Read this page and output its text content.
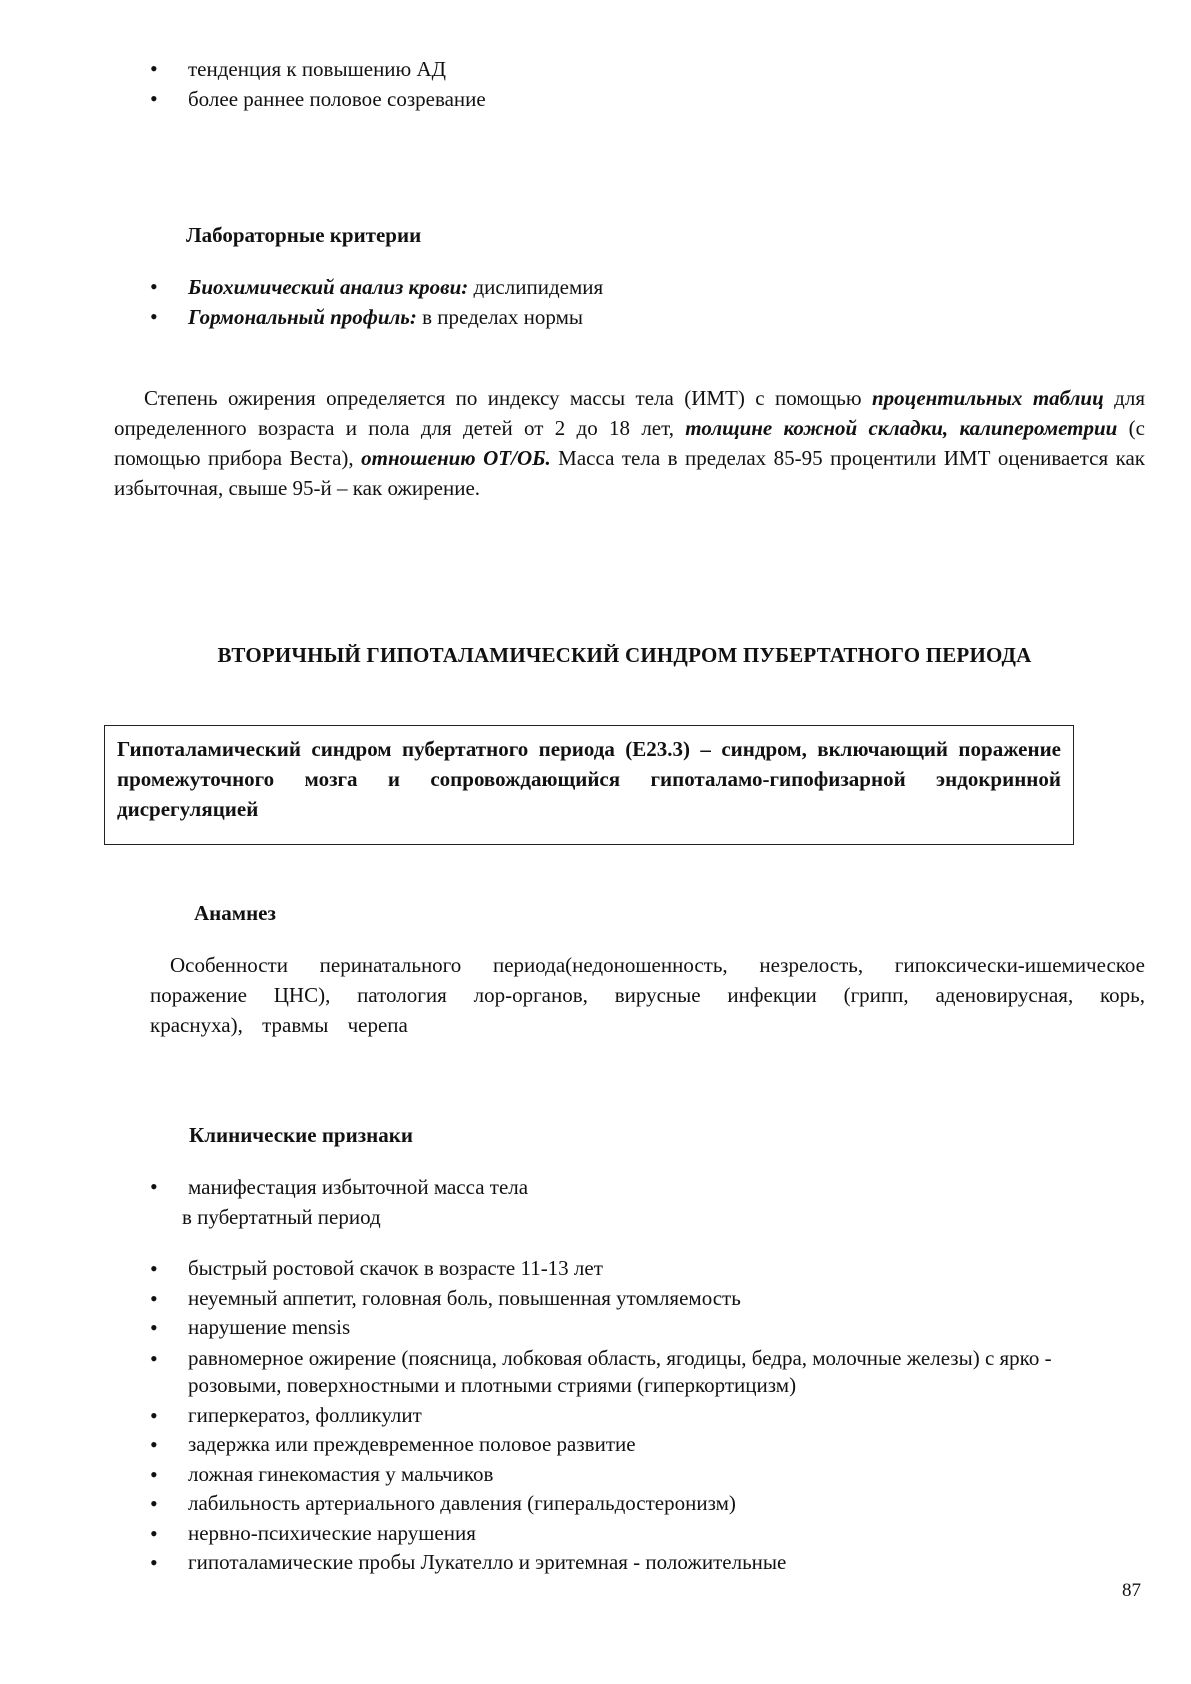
• тенденция к повышению АД
• более раннее половое созревание
Лабораторные критерии
• Биохимический анализ крови: дислипидемия
• Гормональный профиль: в пределах нормы
Степень ожирения определяется по индексу массы тела (ИМТ) с помощью процентильных таблиц для определенного возраста и пола для детей от 2 до 18 лет, толщине кожной складки, калиперометрии (с помощью прибора Веста), отношению ОТ/ОБ. Масса тела в пределах 85-95 процентили ИМТ оценивается как избыточная, свыше 95-й – как ожирение.
ВТОРИЧНЫЙ ГИПОТАЛАМИЧЕСКИЙ СИНДРОМ ПУБЕРТАТНОГО ПЕРИОДА
Гипоталамический синдром пубертатного периода (Е23.3) – синдром, включающий поражение промежуточного мозга и сопровождающийся гипоталамо-гипофизарной эндокринной дисрегуляцией
Анамнез
Особенности перинатального периода(недоношенность, незрелость, гипоксически-ишемическое поражение ЦНС), патология лор-органов, вирусные инфекции (грипп, аденовирусная, корь, краснуха), травмы черепа
Клинические признаки
• манифестация избыточной масса тела
в пубертатный период
• быстрый ростовой скачок в возрасте 11-13 лет
• неуемный аппетит, головная боль, повышенная утомляемость
• нарушение mensis
• равномерное ожирение (поясница, лобковая область, ягодицы, бедра, молочные железы) с ярко - розовыми, поверхностными и плотными стриями (гиперкортицизм)
• гиперкератоз, фолликулит
• задержка или преждевременное половое развитие
• ложная гинекомастия у мальчиков
• лабильность артериального давления (гиперальдостеронизм)
• нервно-психические нарушения
• гипоталамические пробы Лукателло и эритемная - положительные
87
